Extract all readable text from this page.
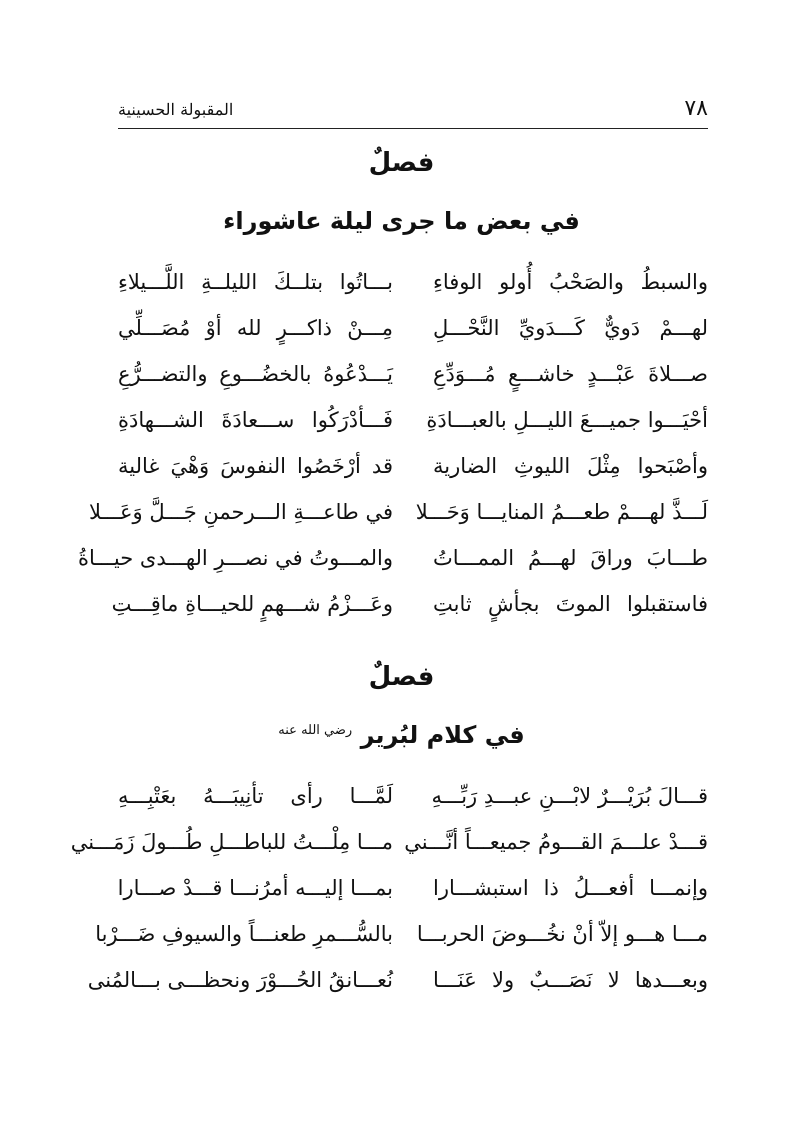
٧٨
المقبولة الحسينية
فصلٌ
في بعض ما جرى ليلة عاشوراء
والسبطُ والصَحْبُ أُولو الوفاءِ
بـــاتُوا بتلــكَ الليلــةِ اللَّـــيلاءِ
لهـــمْ دَويٌّ كَـــدَويِّ النَّحْـــلِ
مِـــنْ ذاكـــرٍ لله أوْ مُصَـــلِّي
صـــلاةَ عَبْـــدٍ خاشـــعٍ مُـــوَدِّعِ
يَـــدْعُوهُ بالخضُـــوعِ والتضـــرُّعِ
أحْيَـــوا جميـــعَ الليـــلِ بالعبـــادَةِ
فَـــأدْرَكُوا ســـعادَةَ الشـــهادَةِ
وأصْبَحوا مِثْلَ الليوثِ الضارية
قد أرْخَصُوا النفوسَ وَهْيَ غالية
لَـــذَّ لهـــمْ طعـــمُ المنايـــا وَحَـــلا
في طاعـــةِ الـــرحمنِ جَـــلَّ وَعَـــلا
طـــابَ وراقَ لهـــمُ الممـــاتُ
والمـــوتُ في نصـــرِ الهـــدى حيـــاةُ
فاستقبلوا الموتَ بجأشٍ ثابتِ
وعَـــزْمُ شـــهمٍ للحيـــاةِ ماقِـــتِ
فصلٌ
في كلام لبُرير $^{رضي الله عنه}$
قـــالَ بُرَيْـــرٌ لابْـــنِ عبـــدِ رَبِّـــهِ
لَمَّـــا رأى تأنِيبَـــهُ بعَتْبِـــهِ
قـــدْ علـــمَ القـــومُ جميعـــاً أنَّـــني
مـــا مِلْـــتُ للباطـــلِ طُـــولَ زَمَـــني
وإنمـــا أفعـــلُ ذا استبشـــارا
بمـــا إليـــه أمرُنـــا قـــدْ صـــارا
مـــا هـــو إلاّ أنْ نخُـــوضَ الحربـــا
بالسُّـــمرِ طعنـــاً والسيوفِ ضَـــرْبا
وبعـــدها لا نَصَـــبٌ ولا عَنَـــا
نُعـــانقُ الحُـــوْرَ ونحظـــى بـــالمُنى
